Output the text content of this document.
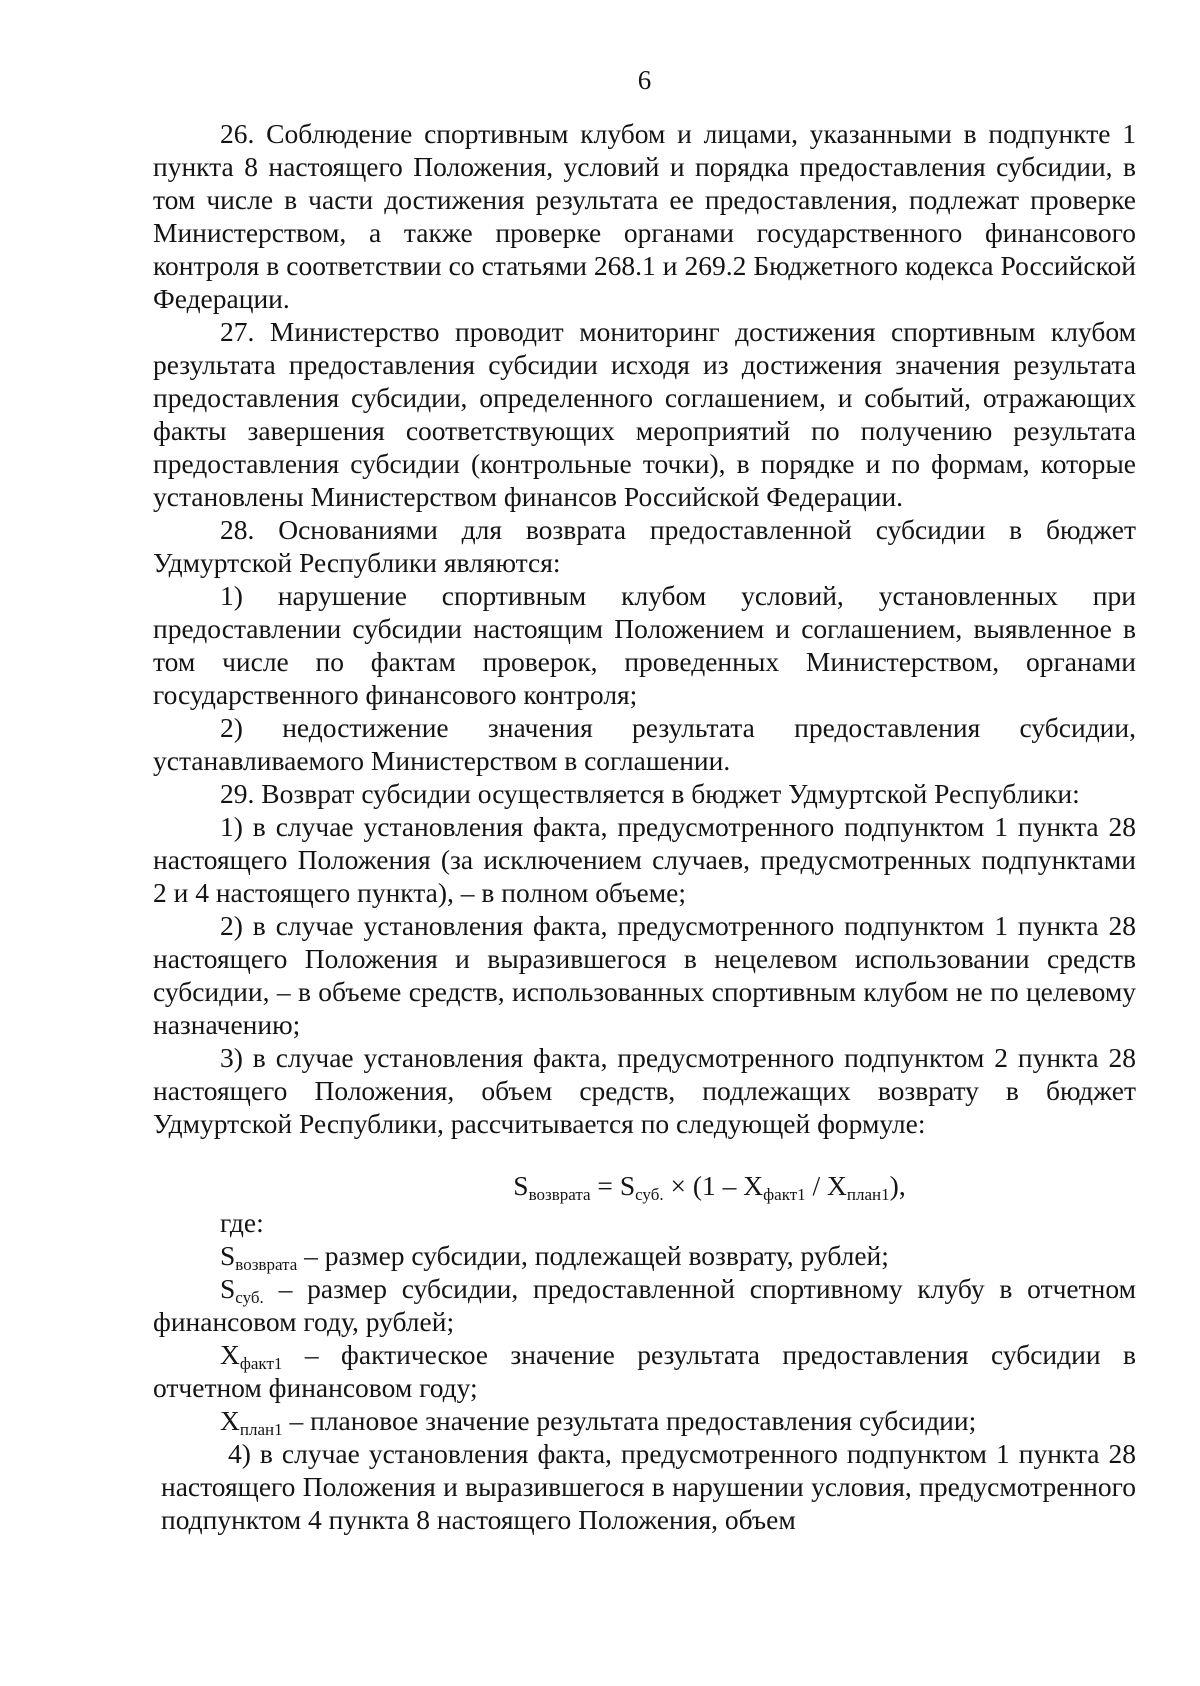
6

26. Соблюдение спортивным клубом и лицами, указанными в подпункте 1 пункта 8 настоящего Положения, условий и порядка предоставления субсидии, в том числе в части достижения результата ее предоставления, подлежат проверке Министерством, а также проверке органами государственного финансового контроля в соответствии со статьями 268.1 и 269.2 Бюджетного кодекса Российской Федерации.

27. Министерство проводит мониторинг достижения спортивным клубом результата предоставления субсидии исходя из достижения значения результата предоставления субсидии, определенного соглашением, и событий, отражающих факты завершения соответствующих мероприятий по получению результата предоставления субсидии (контрольные точки), в порядке и по формам, которые установлены Министерством финансов Российской Федерации.

28. Основаниями для возврата предоставленной субсидии в бюджет Удмуртской Республики являются:

1) нарушение спортивным клубом условий, установленных при предоставлении субсидии настоящим Положением и соглашением, выявленное в том числе по фактам проверок, проведенных Министерством, органами государственного финансового контроля;

2) недостижение значения результата предоставления субсидии, устанавливаемого Министерством в соглашении.

29. Возврат субсидии осуществляется в бюджет Удмуртской Республики:

1) в случае установления факта, предусмотренного подпунктом 1 пункта 28 настоящего Положения (за исключением случаев, предусмотренных подпунктами 2 и 4 настоящего пункта), – в полном объеме;

2) в случае установления факта, предусмотренного подпунктом 1 пункта 28 настоящего Положения и выразившегося в нецелевом использовании средств субсидии, – в объеме средств, использованных спортивным клубом не по целевому назначению;

3) в случае установления факта, предусмотренного подпунктом 2 пункта 28 настоящего Положения, объем средств, подлежащих возврату в бюджет Удмуртской Республики, рассчитывается по следующей формуле:

$S_{возврата} = S_{суб.} \times (1 - X_{факт1} / X_{план1})$,

где:

$S_{возврата}$ – размер субсидии, подлежащей возврату, рублей;

$S_{суб.}$ – размер субсидии, предоставленной спортивному клубу в отчетном финансовом году, рублей;

$X_{факт1}$ – фактическое значение результата предоставления субсидии в отчетном финансовом году;

$X_{план1}$ – плановое значение результата предоставления субсидии;

4) в случае установления факта, предусмотренного подпунктом 1 пункта 28 настоящего Положения и выразившегося в нарушении условия, предусмотренного подпунктом 4 пункта 8 настоящего Положения, объем
